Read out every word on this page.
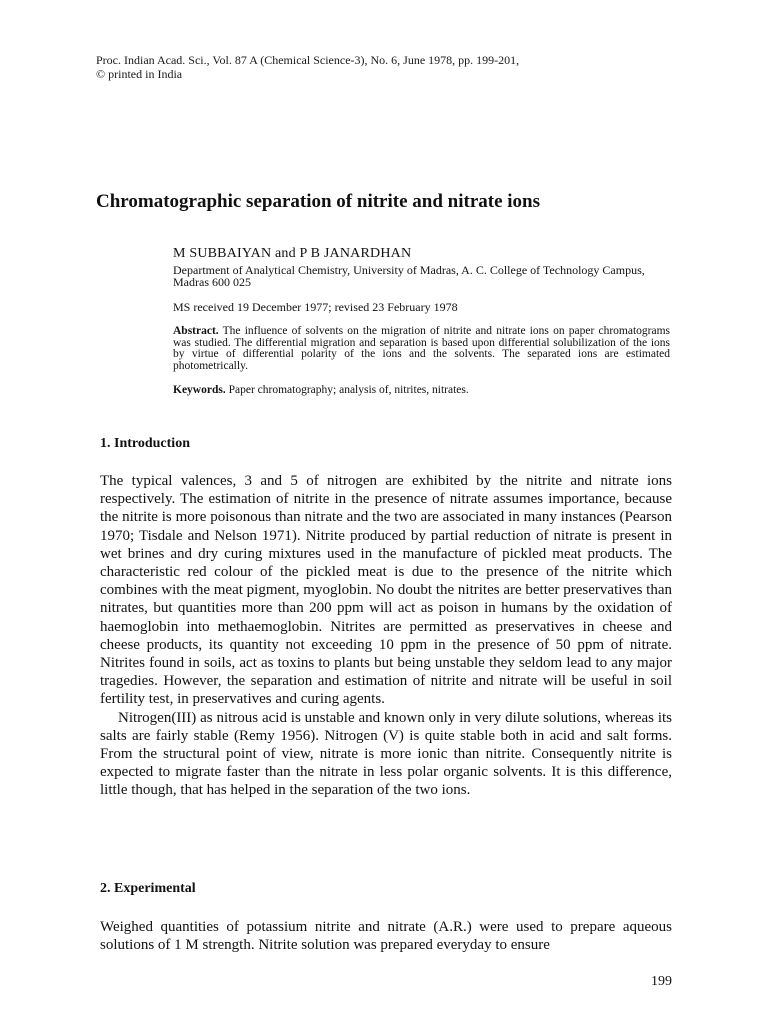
Proc. Indian Acad. Sci., Vol. 87 A (Chemical Science-3), No. 6, June 1978, pp. 199-201,
© printed in India
Chromatographic separation of nitrite and nitrate ions
M SUBBAIYAN and P B JANARDHAN
Department of Analytical Chemistry, University of Madras, A. C. College of Technology Campus, Madras 600 025
MS received 19 December 1977; revised 23 February 1978
Abstract. The influence of solvents on the migration of nitrite and nitrate ions on paper chromatograms was studied. The differential migration and separation is based upon differential solubilization of the ions by virtue of differential polarity of the ions and the solvents. The separated ions are estimated photometrically.
Keywords. Paper chromatography; analysis of, nitrites, nitrates.
1. Introduction

The typical valences, 3 and 5 of nitrogen are exhibited by the nitrite and nitrate ions respectively. The estimation of nitrite in the presence of nitrate assumes importance, because the nitrite is more poisonous than nitrate and the two are associated in many instances (Pearson 1970; Tisdale and Nelson 1971). Nitrite produced by partial reduction of nitrate is present in wet brines and dry curing mixtures used in the manufacture of pickled meat products. The characteristic red colour of the pickled meat is due to the presence of the nitrite which combines with the meat pigment, myoglobin. No doubt the nitrites are better preservatives than nitrates, but quantities more than 200 ppm will act as poison in humans by the oxidation of haemoglobin into methaemoglobin. Nitrites are permitted as preservatives in cheese and cheese products, its quantity not exceeding 10 ppm in the presence of 50 ppm of nitrate. Nitrites found in soils, act as toxins to plants but being unstable they seldom lead to any major tragedies. However, the separation and estimation of nitrite and nitrate will be useful in soil fertility test, in preservatives and curing agents.

Nitrogen(III) as nitrous acid is unstable and known only in very dilute solutions, whereas its salts are fairly stable (Remy 1956). Nitrogen (V) is quite stable both in acid and salt forms. From the structural point of view, nitrate is more ionic than nitrite. Consequently nitrite is expected to migrate faster than the nitrate in less polar organic solvents. It is this difference, little though, that has helped in the separation of the two ions.

2. Experimental

Weighed quantities of potassium nitrite and nitrate (A.R.) were used to prepare aqueous solutions of 1 M strength. Nitrite solution was prepared everyday to ensure

199
